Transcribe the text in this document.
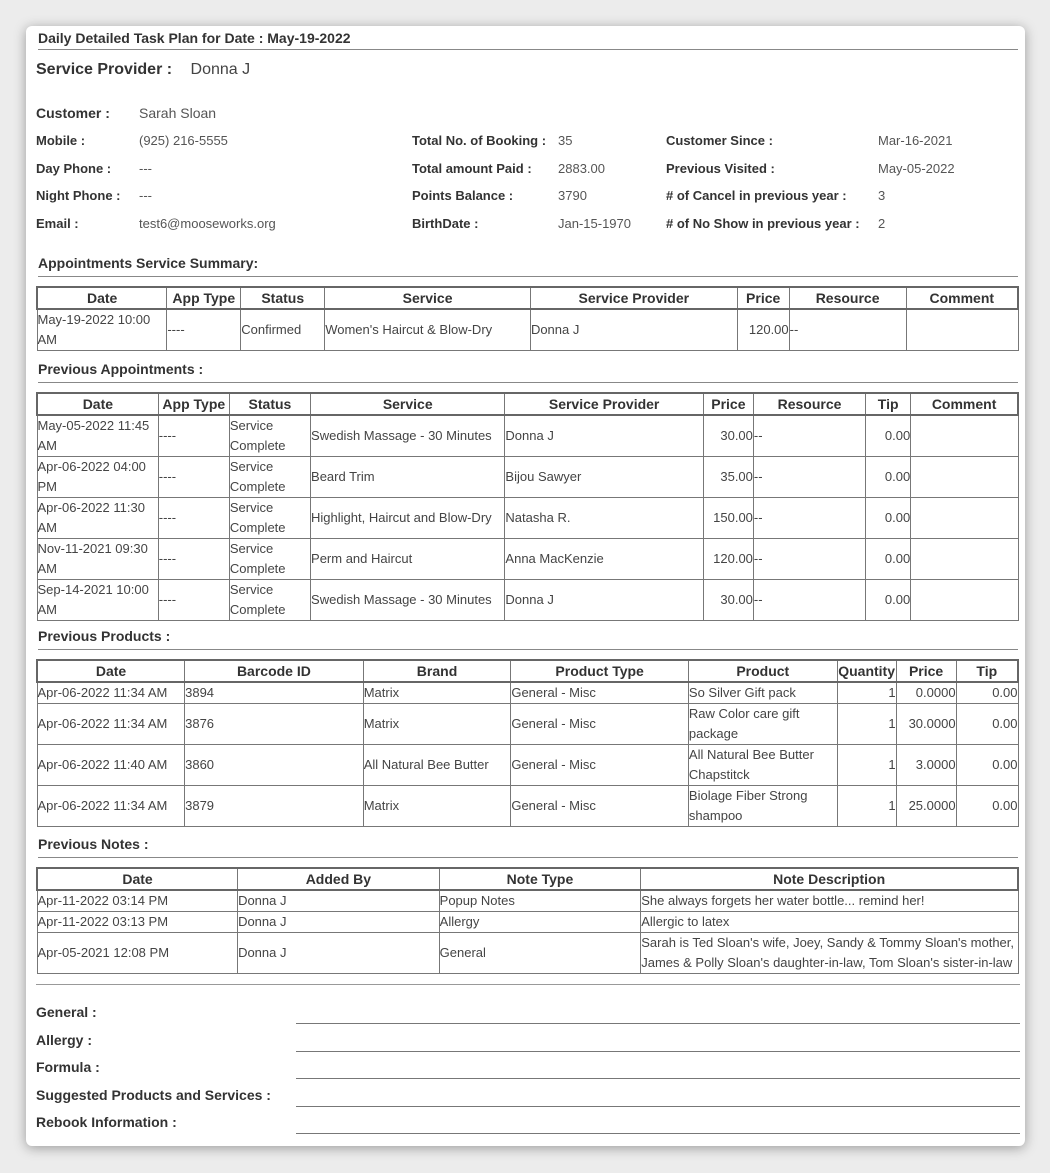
Daily Detailed Task Plan for Date : May-19-2022
Service Provider : Donna J
Customer : Sarah Sloan
Mobile :	(925) 216-5555
Day Phone : ---
Night Phone : ---
Email :	test6@mooseworks.org
Total No. of Booking : 35
Total amount Paid : 2883.00
Points Balance :	3790
BirthDate :	Jan-15-1970
Customer Since :	Mar-16-2021
Previous Visited :	May-05-2022
# of Cancel in previous year : 3
# of No Show in previous year : 2
Appointments Service Summary:
Date	App Type	Status	Service	Service Provider	Price	Resource	Comment
May-19-2022 10:00 AM	----	Confirmed	Women's Haircut & Blow-Dry	Donna J	120.00	--	
Previous Appointments :
Date	App Type	Status	Service	Service Provider	Price	Resource	Tip	Comment
May-05-2022 11:45 AM	----	Service Complete	Swedish Massage - 30 Minutes	Donna J	30.00	--	0.00	
Apr-06-2022 04:00 PM	----	Service Complete	Beard Trim	Bijou Sawyer	35.00	--	0.00	
Apr-06-2022 11:30 AM	----	Service Complete	Highlight, Haircut and Blow-Dry	Natasha R.	150.00	--	0.00	
Nov-11-2021 09:30 AM	----	Service Complete	Perm and Haircut	Anna MacKenzie	120.00	--	0.00	
Sep-14-2021 10:00 AM	----	Service Complete	Swedish Massage - 30 Minutes	Donna J	30.00	--	0.00	
Previous Products :
Date	Barcode ID	Brand	Product Type	Product	Quantity	Price	Tip
Apr-06-2022 11:34 AM	3894	Matrix	General - Misc	So Silver Gift pack	1	0.0000	0.00
Apr-06-2022 11:34 AM	3876	Matrix	General - Misc	Raw Color care gift package	1	30.0000	0.00
Apr-06-2022 11:40 AM	3860	All Natural Bee Butter	General - Misc	All Natural Bee Butter Chapstitck	1	3.0000	0.00
Apr-06-2022 11:34 AM	3879	Matrix	General - Misc	Biolage Fiber Strong shampoo	1	25.0000	0.00
Previous Notes :
Date	Added By	Note Type	Note Description
Apr-11-2022 03:14 PM	Donna J	Popup Notes	She always forgets her water bottle... remind her!
Apr-11-2022 03:13 PM	Donna J	Allergy	Allergic to latex
Apr-05-2021 12:08 PM	Donna J	General	Sarah is Ted Sloan's wife, Joey, Sandy & Tommy Sloan's mother, James & Polly Sloan's daughter-in-law, Tom Sloan's sister-in-law
General :
Allergy :
Formula :
Suggested Products and Services :
Rebook Information :
